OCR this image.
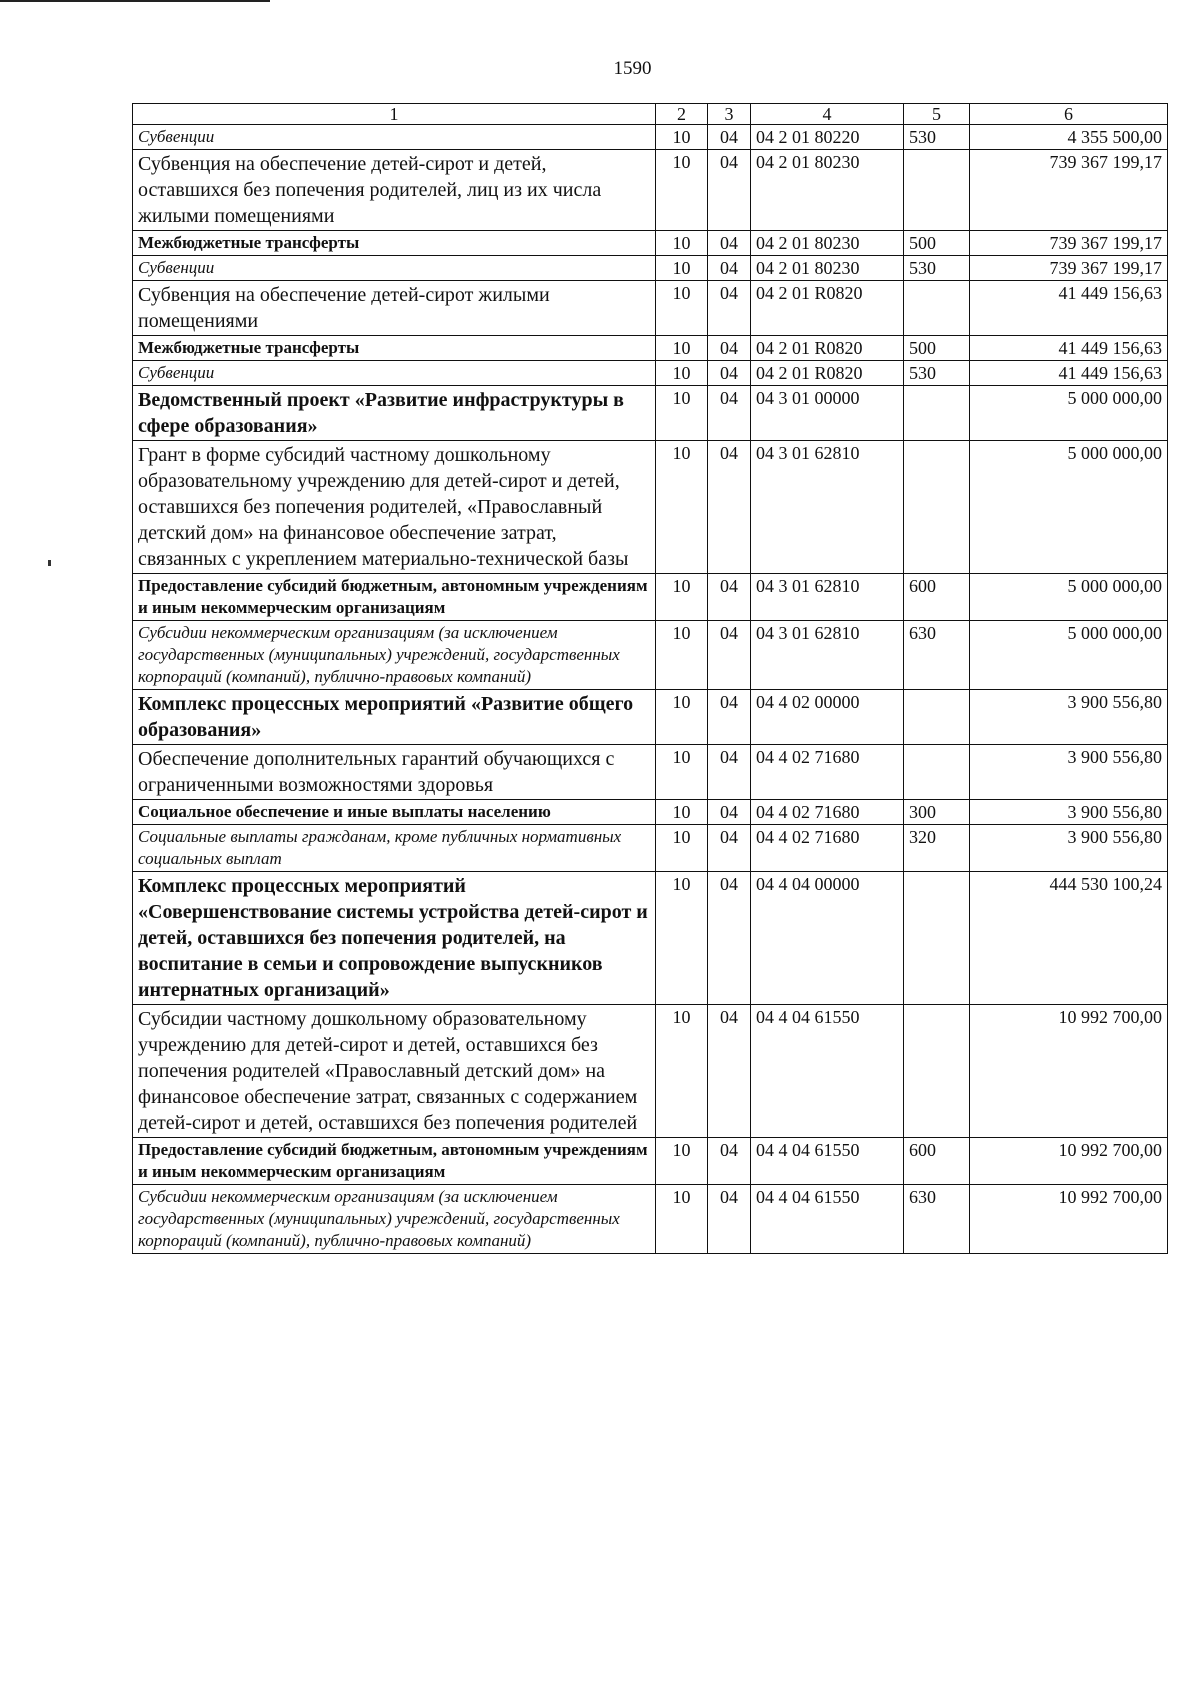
1590
1	2	3	4	5	6
Субвенции	10	04	04 2 01 80220	530	4 355 500,00
Субвенция на обеспечение детей-сирот и детей, оставшихся без попечения родителей, лиц из их числа жилыми помещениями	10	04	04 2 01 80230		739 367 199,17
Межбюджетные трансферты	10	04	04 2 01 80230	500	739 367 199,17
Субвенции	10	04	04 2 01 80230	530	739 367 199,17
Субвенция на обеспечение детей-сирот жилыми помещениями	10	04	04 2 01 R0820		41 449 156,63
Межбюджетные трансферты	10	04	04 2 01 R0820	500	41 449 156,63
Субвенции	10	04	04 2 01 R0820	530	41 449 156,63
Ведомственный проект «Развитие инфраструктуры в сфере образования»	10	04	04 3 01 00000		5 000 000,00
Грант в форме субсидий частному дошкольному образовательному учреждению для детей-сирот и детей, оставшихся без попечения родителей, «Православный детский дом» на финансовое обеспечение затрат, связанных с укреплением материально-технической базы	10	04	04 3 01 62810		5 000 000,00
Предоставление субсидий бюджетным, автономным учреждениям и иным некоммерческим организациям	10	04	04 3 01 62810	600	5 000 000,00
Субсидии некоммерческим организациям (за исключением государственных (муниципальных) учреждений, государственных корпораций (компаний), публично-правовых компаний)	10	04	04 3 01 62810	630	5 000 000,00
Комплекс процессных мероприятий «Развитие общего образования»	10	04	04 4 02 00000		3 900 556,80
Обеспечение дополнительных гарантий обучающихся с ограниченными возможностями здоровья	10	04	04 4 02 71680		3 900 556,80
Социальное обеспечение и иные выплаты населению	10	04	04 4 02 71680	300	3 900 556,80
Социальные выплаты гражданам, кроме публичных нормативных социальных выплат	10	04	04 4 02 71680	320	3 900 556,80
Комплекс процессных мероприятий «Совершенствование системы устройства детей-сирот и детей, оставшихся без попечения родителей, на воспитание в семьи и сопровождение выпускников интернатных организаций»	10	04	04 4 04 00000		444 530 100,24
Субсидии частному дошкольному образовательному учреждению для детей-сирот и детей, оставшихся без попечения родителей «Православный детский дом» на финансовое обеспечение затрат, связанных с содержанием детей-сирот и детей, оставшихся без попечения родителей	10	04	04 4 04 61550		10 992 700,00
Предоставление субсидий бюджетным, автономным учреждениям и иным некоммерческим организациям	10	04	04 4 04 61550	600	10 992 700,00
Субсидии некоммерческим организациям (за исключением государственных (муниципальных) учреждений, государственных корпораций (компаний), публично-правовых компаний)	10	04	04 4 04 61550	630	10 992 700,00
